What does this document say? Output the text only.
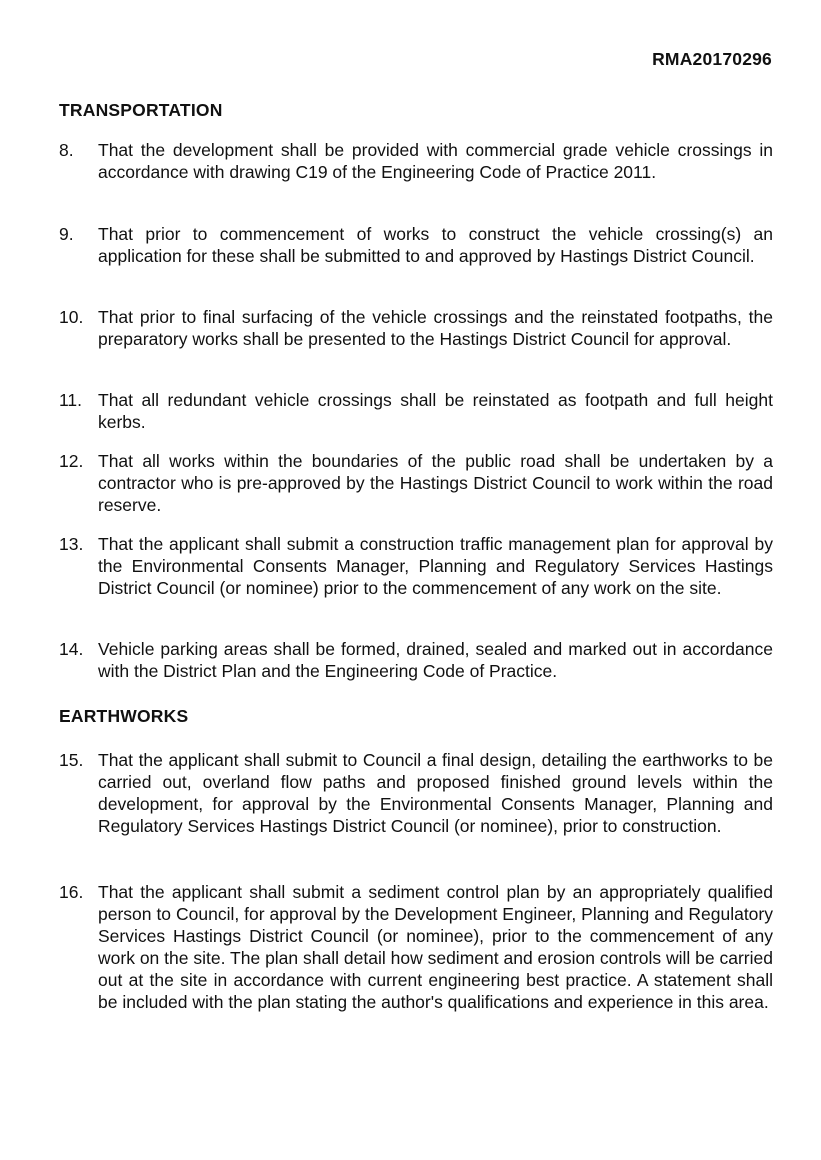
RMA20170296
TRANSPORTATION
8.	That the development shall be provided with commercial grade vehicle crossings in accordance with drawing C19 of the Engineering Code of Practice 2011.
9.	That prior to commencement of works to construct the vehicle crossing(s) an application for these shall be submitted to and approved by Hastings District Council.
10. That prior to final surfacing of the vehicle crossings and the reinstated footpaths, the preparatory works shall be presented to the Hastings District Council for approval.
11. That all redundant vehicle crossings shall be reinstated as footpath and full height kerbs.
12. That all works within the boundaries of the public road shall be undertaken by a contractor who is pre-approved by the Hastings District Council to work within the road reserve.
13. That the applicant shall submit a construction traffic management plan for approval by the Environmental Consents Manager, Planning and Regulatory Services Hastings District Council (or nominee) prior to the commencement of any work on the site.
14. Vehicle parking areas shall be formed, drained, sealed and marked out in accordance with the District Plan and the Engineering Code of Practice.
EARTHWORKS
15. That the applicant shall submit to Council a final design, detailing the earthworks to be carried out, overland flow paths and proposed finished ground levels within the development, for approval by the Environmental Consents Manager, Planning and Regulatory Services Hastings District Council (or nominee), prior to construction.
16. That the applicant shall submit a sediment control plan by an appropriately qualified person to Council, for approval by the Development Engineer, Planning and Regulatory Services Hastings District Council (or nominee), prior to the commencement of any work on the site. The plan shall detail how sediment and erosion controls will be carried out at the site in accordance with current engineering best practice. A statement shall be included with the plan stating the author's qualifications and experience in this area.
